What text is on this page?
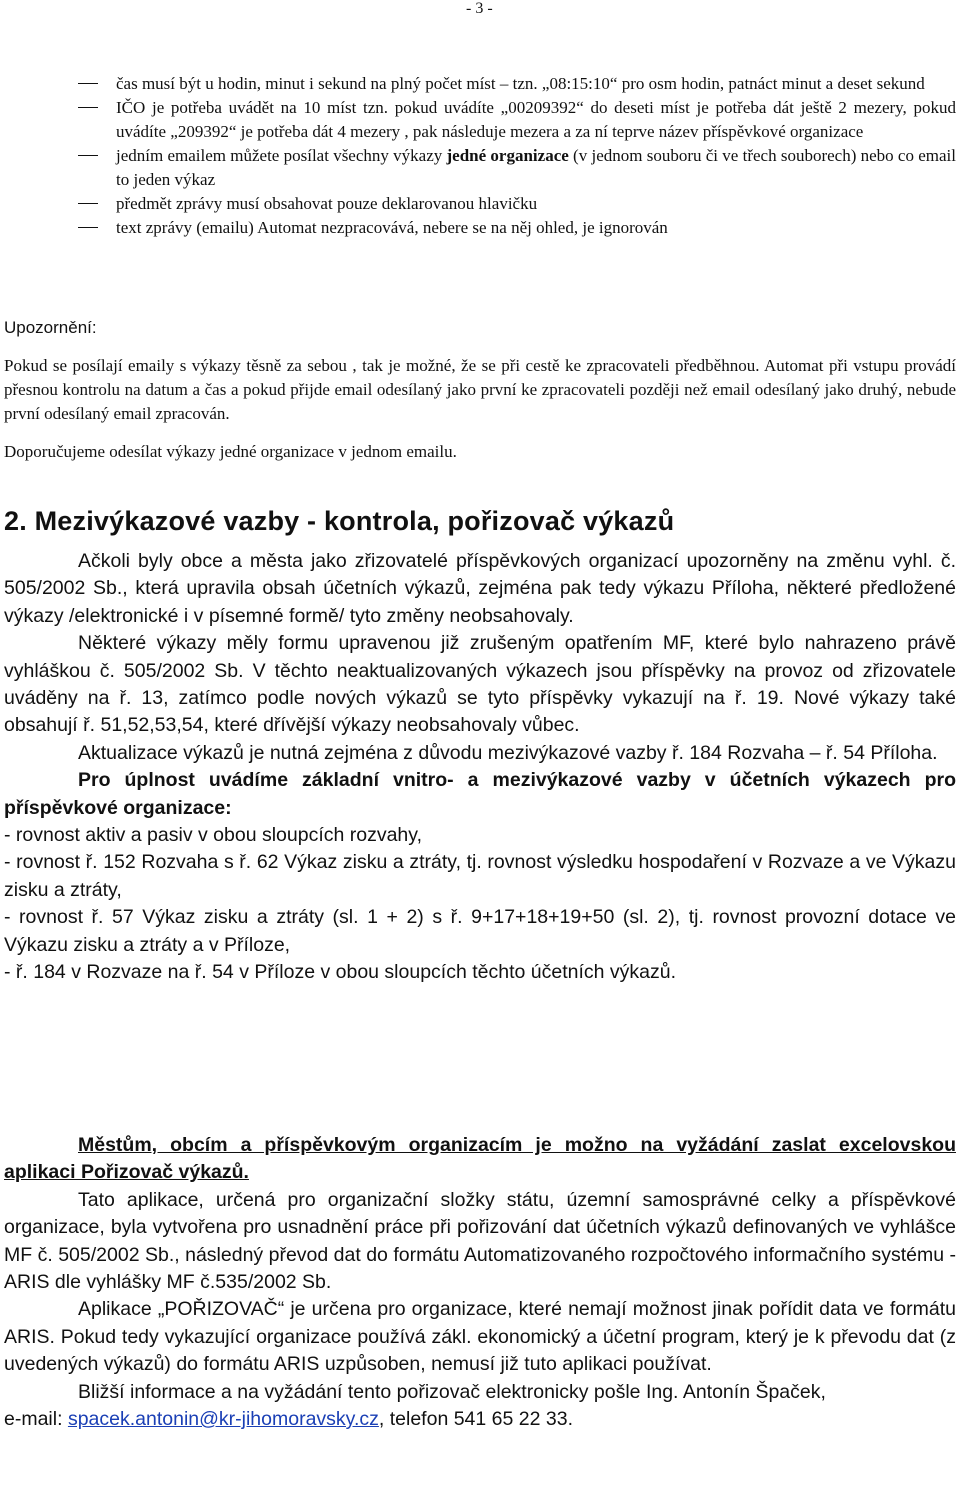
- 3 -
čas musí být u hodin, minut i sekund na plný počet míst – tzn. „08:15:10“ pro osm hodin, patnáct minut a deset sekund
IČO je potřeba uvádět na 10 míst tzn. pokud uvádíte „00209392“ do deseti míst je potřeba dát ještě 2 mezery, pokud uvádíte „209392“ je potřeba dát 4 mezery , pak následuje mezera a za ní teprve název příspěvkové organizace
jedním emailem můžete posílat všechny výkazy jedné organizace (v jednom souboru či ve třech souborech) nebo co email to jeden výkaz
předmět zprávy musí obsahovat pouze deklarovanou hlavičku
text zprávy (emailu) Automat nezpracovává, nebere se na něj ohled, je ignorován

Upozornění:

Pokud se posílají emaily s výkazy těsně za sebou , tak je možné, že se při cestě ke zpracovateli předběhnou. Automat při vstupu provádí přesnou kontrolu na datum a čas a pokud přijde email odesílaný jako první ke zpracovateli později než email odesílaný jako druhý, nebude první odesílaný email zpracován.

Doporučujeme odesílat výkazy jedné organizace v jednom emailu.

2. Mezivýkazové vazby - kontrola, pořizovač výkazů

Ačkoli byly obce a města jako zřizovatelé příspěvkových organizací upozorněny na změnu vyhl. č. 505/2002 Sb., která upravila obsah účetních výkazů, zejména pak tedy výkazu Příloha, některé předložené výkazy /elektronické i v písemné formě/ tyto změny neobsahovaly.

Některé výkazy měly formu upravenou již zrušeným opatřením MF, které bylo nahrazeno právě vyhláškou č. 505/2002 Sb. V těchto neaktualizovaných výkazech jsou příspěvky na provoz od zřizovatele uváděny na ř. 13, zatímco podle nových výkazů se tyto příspěvky vykazují na ř. 19. Nové výkazy také obsahují ř. 51,52,53,54, které dřívější výkazy neobsahovaly vůbec.

Aktualizace výkazů je nutná zejména z důvodu mezivýkazové vazby ř. 184 Rozvaha – ř. 54 Příloha.

Pro úplnost uvádíme základní vnitro- a mezivýkazové vazby v účetních výkazech pro příspěvkové organizace:

- rovnost aktiv a pasiv v obou sloupcích rozvahy,

- rovnost ř. 152 Rozvaha s ř. 62 Výkaz zisku a ztráty, tj. rovnost výsledku hospodaření v Rozvaze a ve Výkazu zisku a ztráty,

- rovnost ř. 57 Výkaz zisku a ztráty (sl. 1 + 2) s ř. 9+17+18+19+50 (sl. 2), tj. rovnost provozní dotace ve Výkazu zisku a ztráty a v Příloze,

- ř. 184 v Rozvaze na ř. 54 v Příloze v obou sloupcích těchto účetních výkazů.

Městům, obcím a příspěvkovým organizacím je možno na vyžádání zaslat excelovskou aplikaci Pořizovač výkazů.

Tato aplikace, určená pro organizační složky státu, územní samosprávné celky a příspěvkové organizace, byla vytvořena pro usnadnění práce při pořizování dat účetních výkazů definovaných ve vyhlášce MF č. 505/2002 Sb., následný převod dat do formátu Automatizovaného rozpočtového informačního systému - ARIS dle vyhlášky MF č.535/2002 Sb.

Aplikace „POŘIZOVAČ“ je určena pro organizace, které nemají možnost jinak pořídit data ve formátu ARIS. Pokud tedy vykazující organizace používá zákl. ekonomický a účetní program, který je k převodu dat (z uvedených výkazů) do formátu ARIS uzpůsoben, nemusí již tuto aplikaci používat.

Bližší informace a na vyžádání tento pořizovač elektronicky pošle Ing. Antonín Špaček,

e-mail: spacek.antonin@kr-jihomoravsky.cz, telefon 541 65 22 33.
